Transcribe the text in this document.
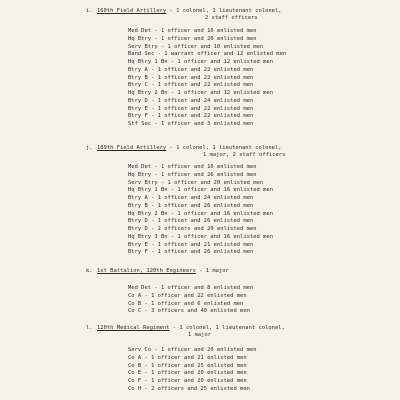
i. 160th Field Artillery - 1 colonel, 1 lieutenant colonel,
2 staff officers
Med Det - 1 officer and 10 enlisted men
Hq Btry - 1 officer and 20 enlisted men
Serv Btry - 1 officer and 10 enlisted men
Band Sec - 1 warrant officer and 12 enlisted men
Hq Btry 1 Bn - 1 officer and 12 enlisted men
Btry A - 1 officer and 22 enlisted men
Btry B - 1 officer and 22 enlisted men
Btry C - 1 officer and 22 enlisted men
Hq Btry 2 Bn - 1 officer and 12 enlisted men
Btry D - 1 officer and 24 enlisted men
Btry E - 1 officer and 22 enlisted men
Btry F - 1 officer and 22 enlisted men
Stf Sec - 1 officer and 3 enlisted men
j. 189th Field Artillery - 1 colonel, 1 lieutenant colonel,
1 major, 2 staff officers
Med Det - 1 officer and 10 enlisted men
Hq Btry - 1 officer and 26 enlisted men
Serv Btry - 1 officer and 20 enlisted men
Hq Btry 1 Bn - 1 officer and 16 enlisted men
Btry A - 1 officer and 24 enlisted men
Btry B - 1 officer and 26 enlisted men
Hq Btry 2 Bn - 1 officer and 16 enlisted men
Btry D - 1 officer and 26 enlisted men
Btry D - 2 officers and 20 enlisted men
Hq Btry 3 Bn - 1 officer and 16 enlisted men
Btry E - 1 officer and 21 enlisted men
Btry F - 1 officer and 26 enlisted men
k. 1st Battalion, 120th Engineers - 1 major
Med Det - 1 officer and 8 enlisted men
Co A - 1 officer and 22 enlisted men
Co B - 1 officer and 6 enlisted men
Co C - 3 officers and 40 enlisted men
l. 120th Medical Regiment - 1 colonel, 1 lieutenant colonel,
1 major
Serv Co - 1 officer and 20 enlisted men
Co A - 1 officer and 21 enlisted men
Co B - 1 officer and 25 enlisted men
Co E - 1 officer and 20 enlisted men
Co F - 1 officer and 20 enlisted men
Co H - 2 officers and 25 enlisted men
